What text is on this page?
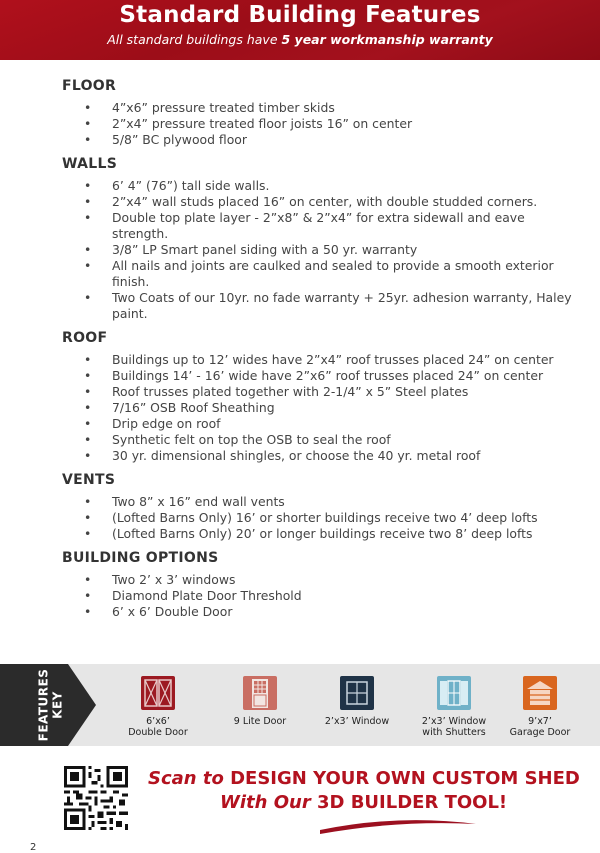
Standard Building Features
All standard buildings have 5 year workmanship warranty
FLOOR
• 4”x6” pressure treated timber skids
• 2”x4” pressure treated floor joists 16” on center
• 5/8” BC plywood floor
WALLS
• 6’ 4” (76”) tall side walls.
• 2”x4” wall studs placed 16” on center, with double studded corners.
• Double top plate layer - 2”x8” & 2”x4” for extra sidewall and eave strength.
• 3/8” LP Smart panel siding with a 50 yr. warranty
• All nails and joints are caulked and sealed to provide a smooth exterior finish.
• Two Coats of our 10yr. no fade warranty + 25yr. adhesion warranty, Haley paint.
ROOF
• Buildings up to 12’ wides have 2”x4” roof trusses placed 24” on center
• Buildings 14’ - 16’ wide have 2”x6” roof trusses placed 24” on center
• Roof trusses plated together with 2-1/4” x 5” Steel plates
• 7/16” OSB Roof Sheathing
• Drip edge on roof
• Synthetic felt on top the OSB to seal the roof
• 30 yr. dimensional shingles, or choose the 40 yr. metal roof
VENTS
• Two 8” x 16” end wall vents
• (Lofted Barns Only) 16’ or shorter buildings receive two 4’ deep lofts
• (Lofted Barns Only) 20’ or longer buildings receive two 8’ deep lofts
BUILDING OPTIONS
• Two 2’ x 3’ windows
• Diamond Plate Door Threshold
• 6’ x 6’ Double Door
FEATURES
KEY
6’x6’
Double Door
9 Lite Door	2’x3’ Window	2’x3’ Window
with Shutters
9’x7’
Garage Door
Scan to DESIGN YOUR OWN CUSTOM SHED
With Our 3D BUILDER TOOL!
2
